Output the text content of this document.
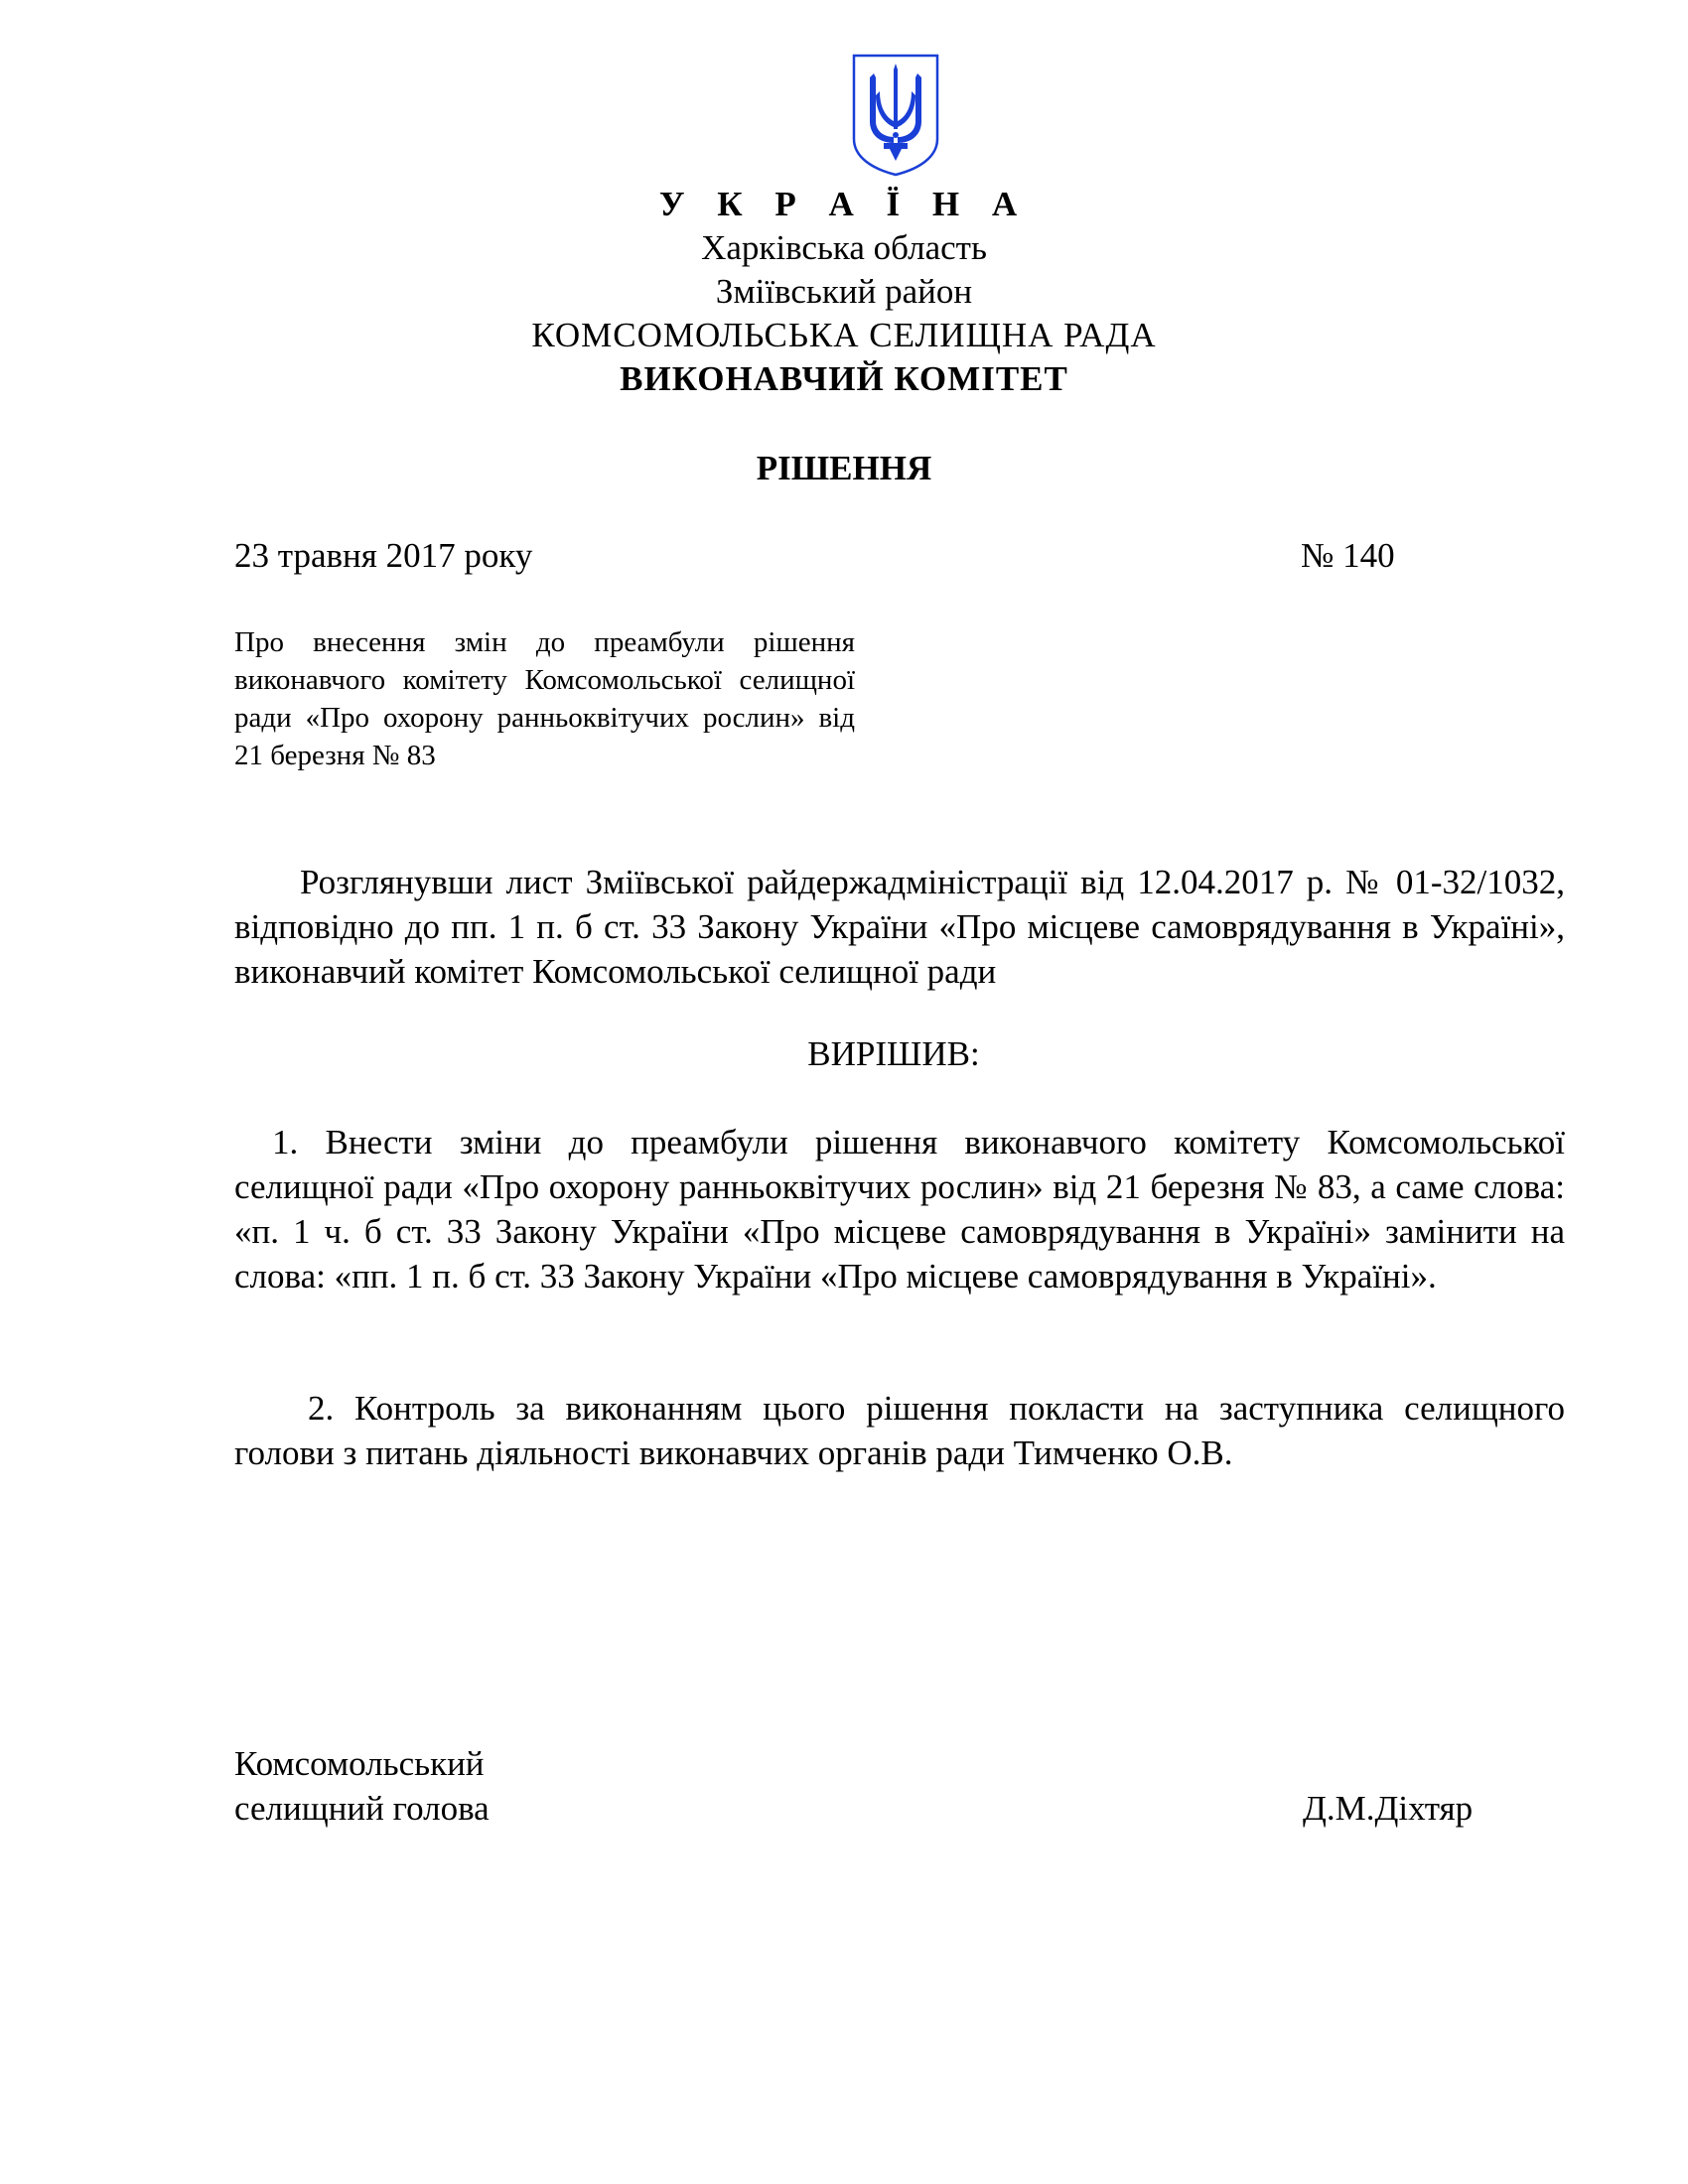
У К Р А Ї Н А
Харківська область
Зміївський район
КОМСОМОЛЬСЬКА СЕЛИЩНА РАДА
ВИКОНАВЧИЙ КОМІТЕТ
РІШЕННЯ
23 травня 2017 року	№ 140
Про внесення змін до преамбули рішення виконавчого комітету Комсомольської селищної ради «Про охорону ранньоквітучих рослин» від 21 березня № 83
Розглянувши лист Зміївської райдержадміністрації від 12.04.2017 р. № 01-32/1032, відповідно до пп. 1 п. б ст. 33 Закону України «Про місцеве самоврядування в Україні», виконавчий комітет Комсомольської селищної ради
ВИРІШИВ:
1. Внести зміни до преамбули рішення виконавчого комітету Комсомольської селищної ради «Про охорону ранньоквітучих рослин» від 21 березня № 83, а саме слова: «п. 1 ч. б ст. 33 Закону України «Про місцеве самоврядування в Україні» замінити на слова: «пп. 1 п. б ст. 33 Закону України «Про місцеве самоврядування в Україні».
2. Контроль за виконанням цього рішення покласти на заступника селищного голови з питань діяльності виконавчих органів ради Тимченко О.В.
Комсомольський
селищний голова	Д.М.Діхтяр
